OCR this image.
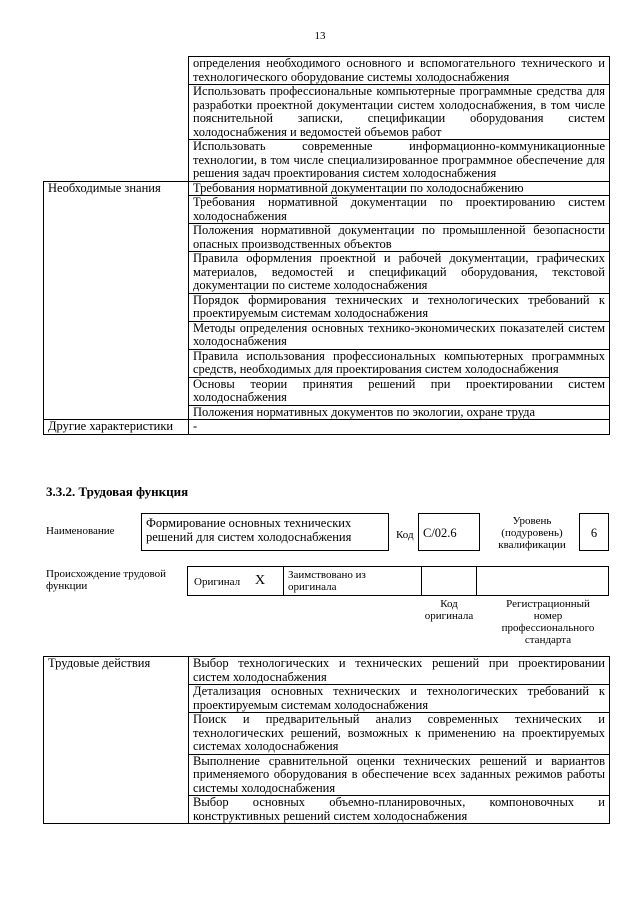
13
	определения необходимого основного и вспомогательного технического и технологического оборудование системы холодоснабжения
	Использовать профессиональные компьютерные программные средства для разработки проектной документации систем холодоснабжения, в том числе пояснительной записки, спецификации оборудования систем холодоснабжения и ведомостей объемов работ
	Использовать современные информационно-коммуникационные технологии, в том числе специализированное программное обеспечение для решения задач проектирования систем холодоснабжения
Необходимые знания	Требования нормативной документации по холодоснабжению
	Требования нормативной документации по проектированию систем холодоснабжения
	Положения нормативной документации по промышленной безопасности опасных производственных объектов
	Правила оформления проектной и рабочей документации, графических материалов, ведомостей и спецификаций оборудования, текстовой документации по системе холодоснабжения
	Порядок формирования технических и технологических требований к проектируемым системам холодоснабжения
	Методы определения основных технико-экономических показателей систем холодоснабжения
	Правила использования профессиональных компьютерных программных средств, необходимых для проектирования систем холодоснабжения
	Основы теории принятия решений при проектировании систем холодоснабжения
	Положения нормативных документов по экологии, охране труда
Другие характеристики	-
3.3.2. Трудовая функция
Наименование
Формирование основных технических решений для систем холодоснабжения	Код С/02.6
Уровень (подуровень) квалификации
6
Происхождение трудовой функции	Оригинал X	Заимствовано из оригинала
Код оригинала
Регистрационный номер профессионального стандарта
Трудовые действия	Выбор технологических и технических решений при проектировании систем холодоснабжения
Детализация основных технических и технологических требований к проектируемым системам холодоснабжения
Поиск и предварительный анализ современных технических и технологических решений, возможных к применению на проектируемых системах холодоснабжения
Выполнение сравнительной оценки технических решений и вариантов применяемого оборудования в обеспечение всех заданных режимов работы системы холодоснабжения
Выбор основных объемно-планировочных, компоновочных и конструктивных решений систем холодоснабжения
